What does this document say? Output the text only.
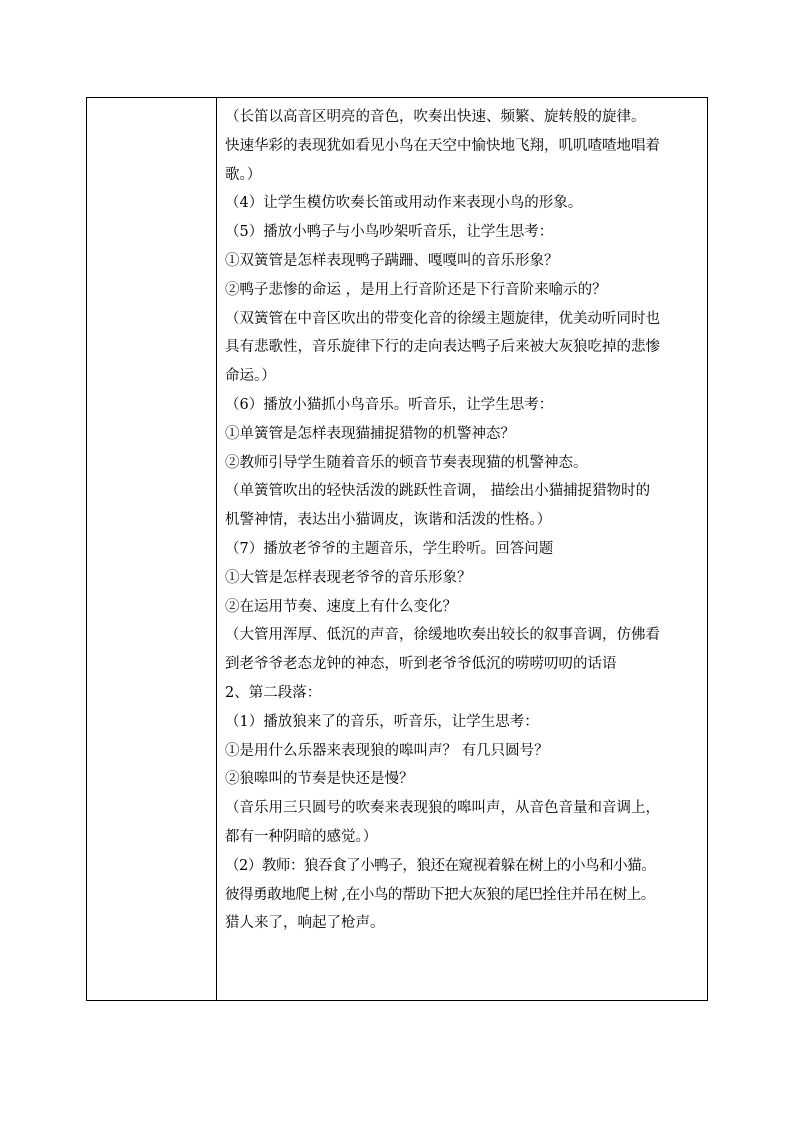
（长笛以高音区明亮的音色，吹奏出快速、频繁、旋转般的旋律。
快速华彩的表现犹如看见小鸟在天空中愉快地飞翔，叽叽喳喳地唱着
歌。）
（4）让学生模仿吹奏长笛或用动作来表现小鸟的形象。
（5）播放小鸭子与小鸟吵架听音乐，让学生思考：
①双簧管是怎样表现鸭子蹒跚、嘎嘎叫的音乐形象？
②鸭子悲惨的命运 ，是用上行音阶还是下行音阶来喻示的？
（双簧管在中音区吹出的带变化音的徐缓主题旋律，优美动听同时也
具有悲歌性，音乐旋律下行的走向表达鸭子后来被大灰狼吃掉的悲惨
命运。）
（6）播放小猫抓小鸟音乐。听音乐，让学生思考：
①单簧管是怎样表现猫捕捉猎物的机警神态？
②教师引导学生随着音乐的顿音节奏表现猫的机警神态。
（单簧管吹出的轻快活泼的跳跃性音调， 描绘出小猫捕捉猎物时的
机警神情，表达出小猫调皮，诙谐和活泼的性格。）
（7）播放老爷爷的主题音乐，学生聆听。回答问题
①大管是怎样表现老爷爷的音乐形象？
②在运用节奏、速度上有什么变化？
（大管用浑厚、低沉的声音，徐缓地吹奏出较长的叙事音调，仿佛看
到老爷爷老态龙钟的神态，听到老爷爷低沉的唠唠叨叨的话语
2、第二段落：
（1）播放狼来了的音乐，听音乐，让学生思考：
①是用什么乐器来表现狼的嗥叫声？ 有几只圆号？
②狼嗥叫的节奏是快还是慢？
（音乐用三只圆号的吹奏来表现狼的嗥叫声，从音色音量和音调上，
都有一种阴暗的感觉。）
（2）教师：狼吞食了小鸭子，狼还在窥视着躲在树上的小鸟和小猫。
彼得勇敢地爬上树 ,在小鸟的帮助下把大灰狼的尾巴拴住并吊在树上。
猎人来了，响起了枪声。
